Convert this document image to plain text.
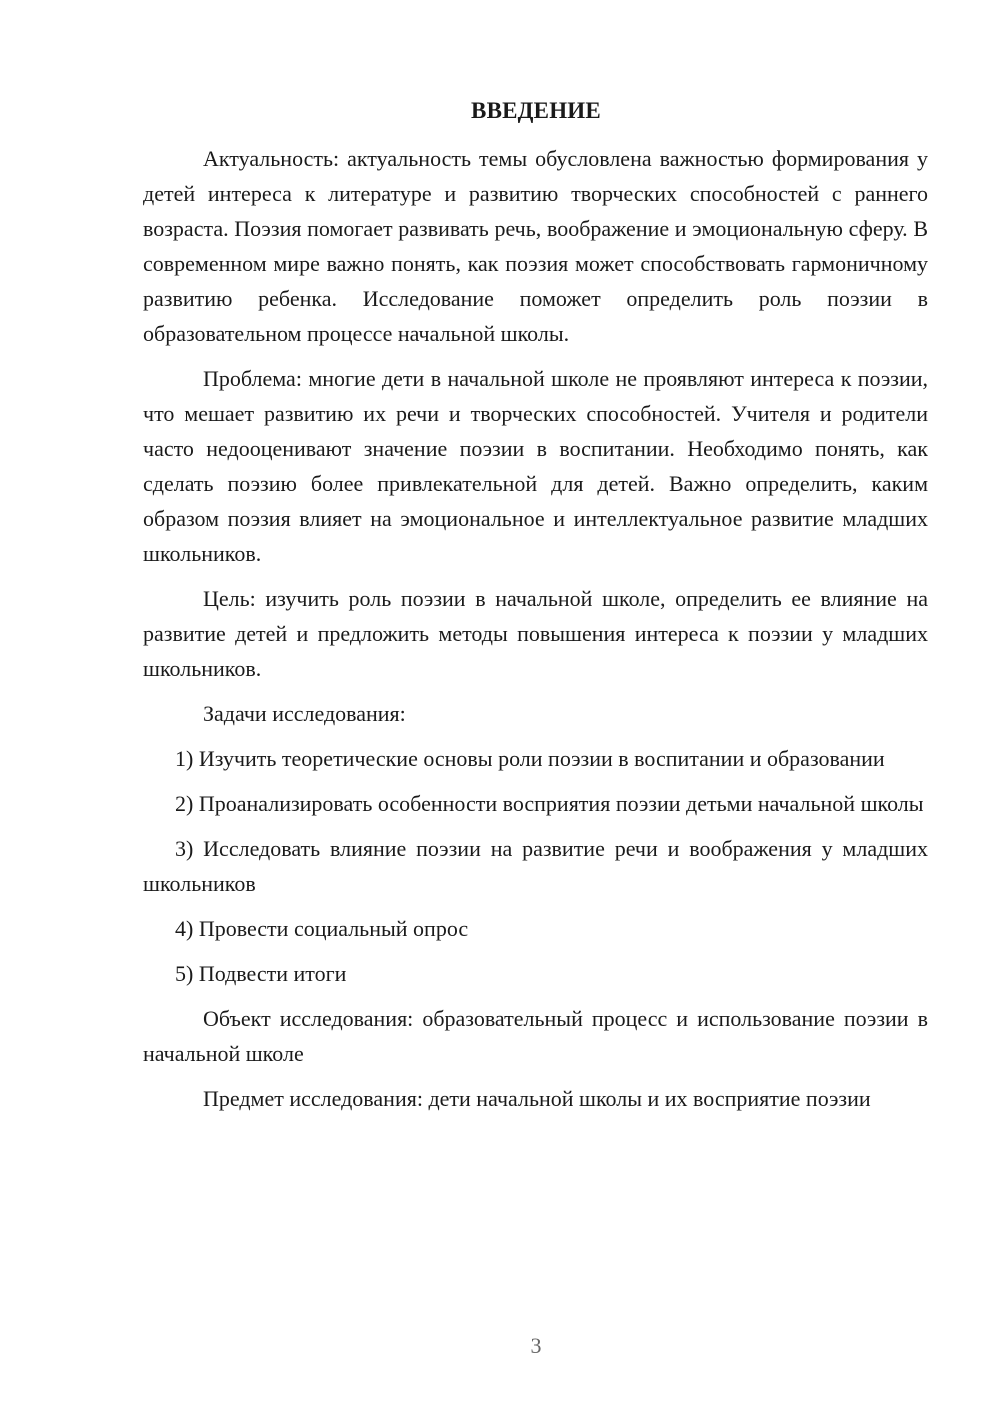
ВВЕДЕНИЕ

Актуальность: актуальность темы обусловлена важностью формирования у детей интереса к литературе и развитию творческих способностей с раннего возраста. Поэзия помогает развивать речь, воображение и эмоциональную сферу. В современном мире важно понять, как поэзия может способствовать гармоничному развитию ребенка. Исследование поможет определить роль поэзии в образовательном процессе начальной школы.

Проблема: многие дети в начальной школе не проявляют интереса к поэзии, что мешает развитию их речи и творческих способностей. Учителя и родители часто недооценивают значение поэзии в воспитании. Необходимо понять, как сделать поэзию более привлекательной для детей. Важно определить, каким образом поэзия влияет на эмоциональное и интеллектуальное развитие младших школьников.

Цель: изучить роль поэзии в начальной школе, определить ее влияние на развитие детей и предложить методы повышения интереса к поэзии у младших школьников.

Задачи исследования:

1) Изучить теоретические основы роли поэзии в воспитании и образовании

2) Проанализировать особенности восприятия поэзии детьми начальной школы

3) Исследовать влияние поэзии на развитие речи и воображения у младших школьников

4) Провести социальный опрос

5) Подвести итоги

Объект исследования: образовательный процесс и использование поэзии в начальной школе

Предмет исследования: дети начальной школы и их восприятие поэзии

3
